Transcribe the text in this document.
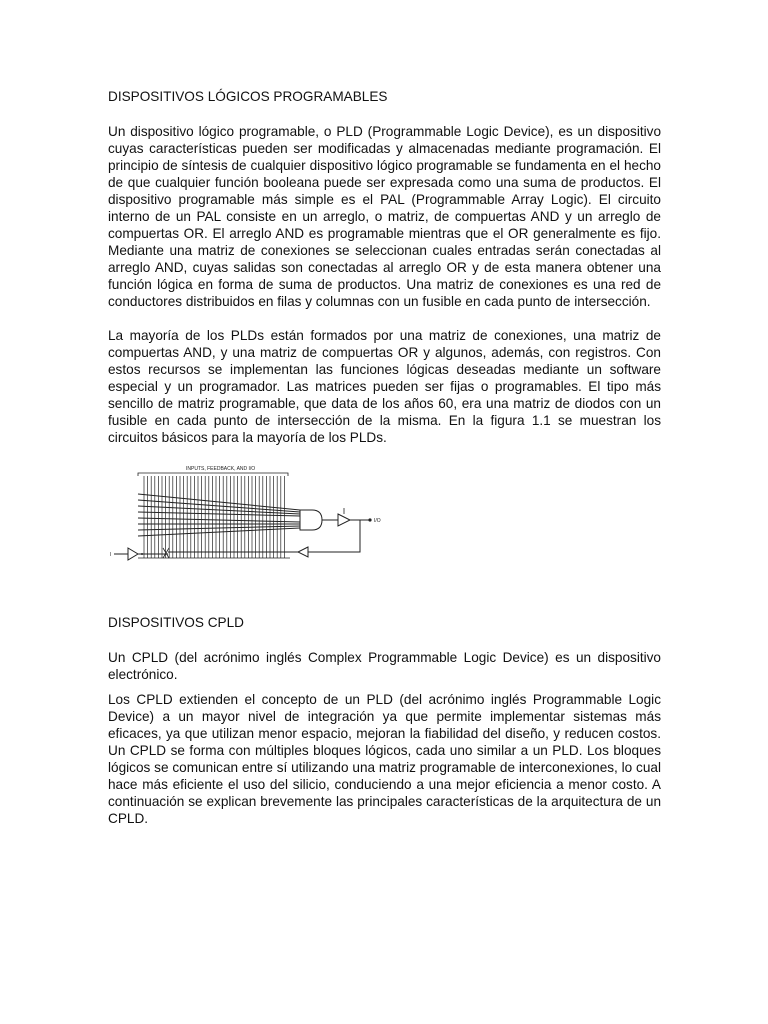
DISPOSITIVOS LÓGICOS PROGRAMABLES

Un dispositivo lógico programable, o PLD (Programmable Logic Device), es un dispositivo cuyas características pueden ser modificadas y almacenadas mediante programación. El principio de síntesis de cualquier dispositivo lógico programable se fundamenta en el hecho de que cualquier función booleana puede ser expresada como una suma de productos. El dispositivo programable más simple es el PAL (Programmable Array Logic). El circuito interno de un PAL consiste en un arreglo, o matriz, de compuertas AND y un arreglo de compuertas OR. El arreglo AND es programable mientras que el OR generalmente es fijo. Mediante una matriz de conexiones se seleccionan cuales entradas serán conectadas al arreglo AND, cuyas salidas son conectadas al arreglo OR y de esta manera obtener una función lógica en forma de suma de productos. Una matriz de conexiones es una red de conductores distribuidos en filas y columnas con un fusible en cada punto de intersección.

La mayoría de los PLDs están formados por una matriz de conexiones, una matriz de compuertas AND, y una matriz de compuertas OR y algunos, además, con registros. Con estos recursos se implementan las funciones lógicas deseadas mediante un software especial y un programador. Las matrices pueden ser fijas o programables. El tipo más sencillo de matriz programable, que data de los años 60, era una matriz de diodos con un fusible en cada punto de intersección de la misma. En la figura 1.1 se muestran los circuitos básicos para la mayoría de los PLDs.

INPUTS, FEEDBACK, AND I/O
I/O
I
DISPOSITIVOS CPLD

Un CPLD (del acrónimo inglés Complex Programmable Logic Device) es un dispositivo electrónico.

Los CPLD extienden el concepto de un PLD (del acrónimo inglés Programmable Logic Device) a un mayor nivel de integración ya que permite implementar sistemas más eficaces, ya que utilizan menor espacio, mejoran la fiabilidad del diseño, y reducen costos. Un CPLD se forma con múltiples bloques lógicos, cada uno similar a un PLD. Los bloques lógicos se comunican entre sí utilizando una matriz programable de interconexiones, lo cual hace más eficiente el uso del silicio, conduciendo a una mejor eficiencia a menor costo. A continuación se explican brevemente las principales características de la arquitectura de un CPLD.
